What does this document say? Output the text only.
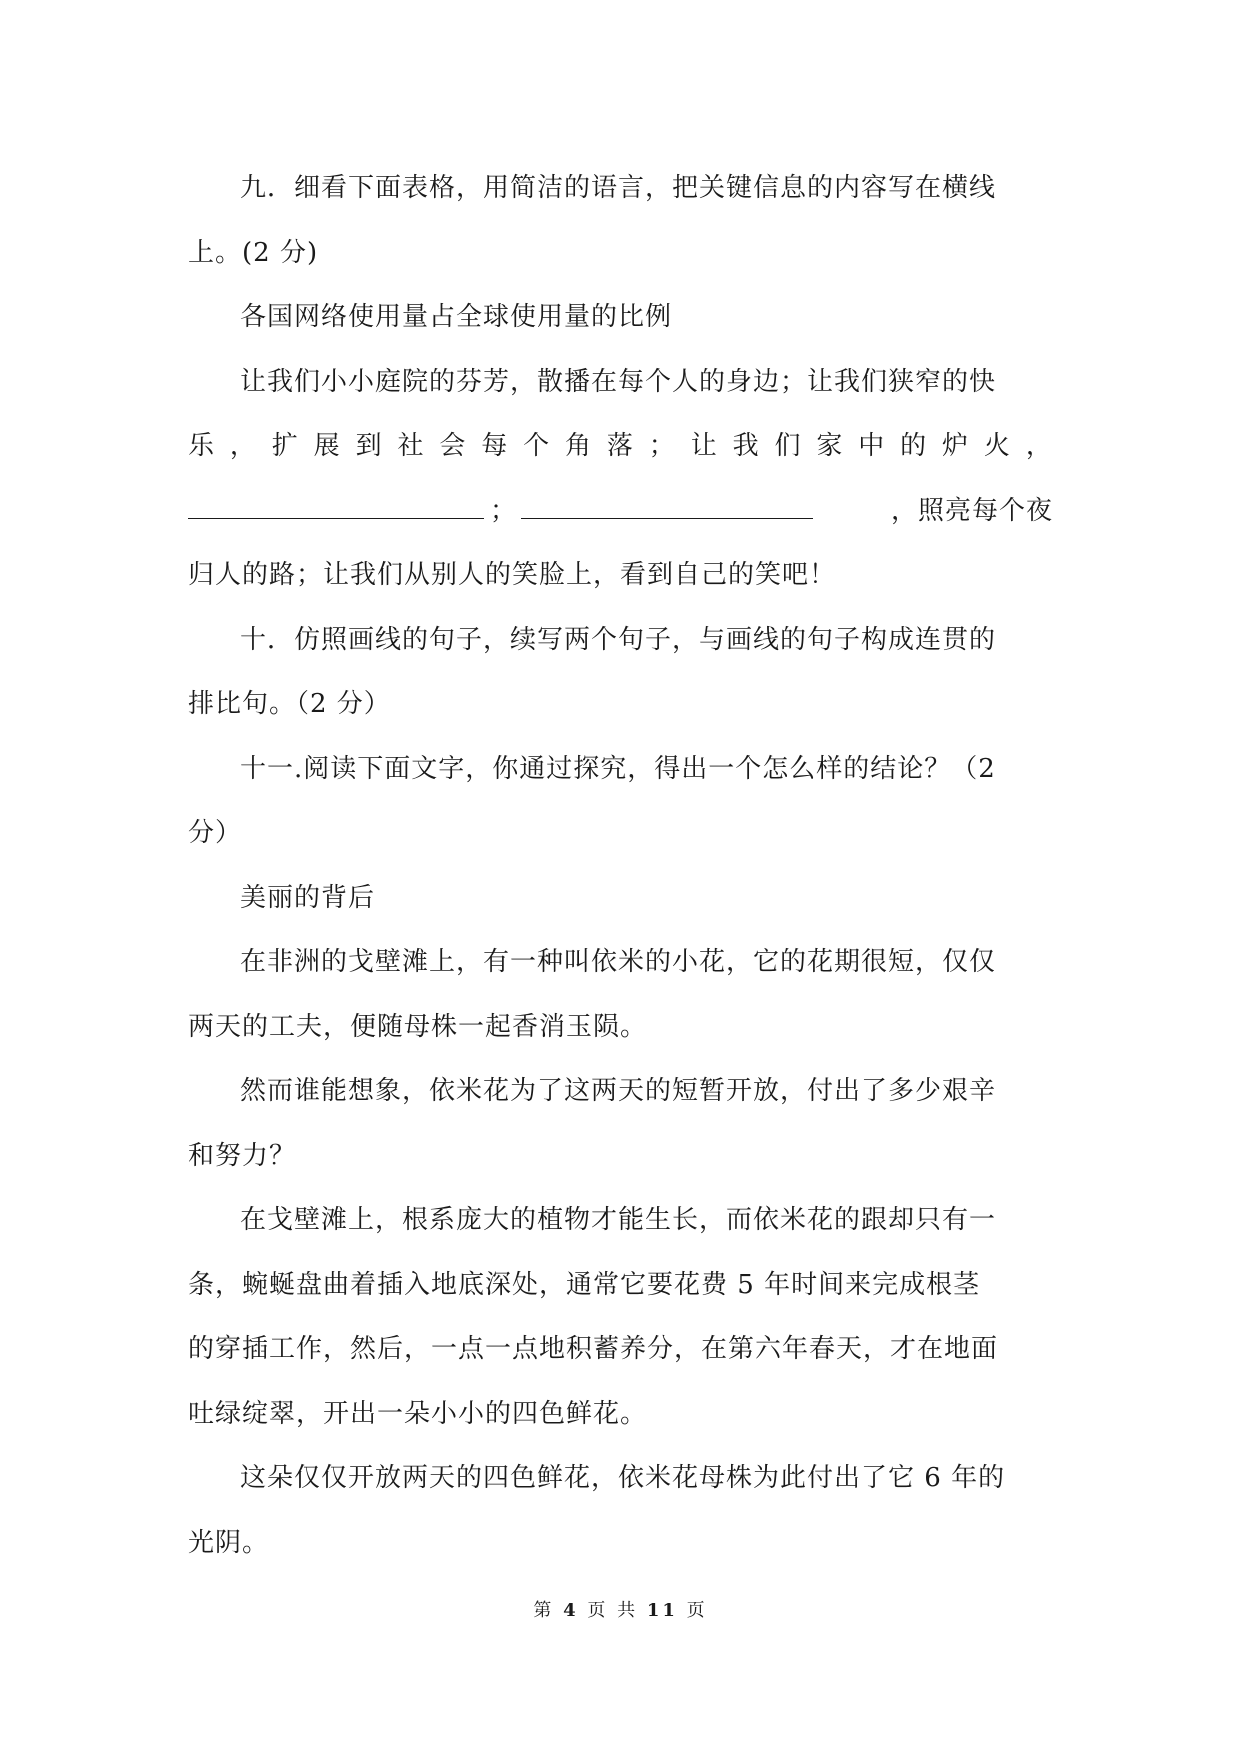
九．细看下面表格，用简洁的语言，把关键信息的内容写在横线

上。(2 分)

各国网络使用量占全球使用量的比例

让我们小小庭院的芬芳，散播在每个人的身边；让我们狭窄的快

乐 ， 扩 展 到 社 会 每 个 角 落 ； 让 我 们 家 中 的 炉 火 ，

；	，照亮每个夜

归人的路；让我们从别人的笑脸上，看到自己的笑吧！

十．仿照画线的句子，续写两个句子，与画线的句子构成连贯的

排比句。（2 分）

十一.阅读下面文字，你通过探究，得出一个怎么样的结论？（2

分）

美丽的背后

在非洲的戈壁滩上，有一种叫依米的小花，它的花期很短，仅仅

两天的工夫，便随母株一起香消玉陨。

然而谁能想象，依米花为了这两天的短暂开放，付出了多少艰辛

和努力？

在戈壁滩上，根系庞大的植物才能生长，而依米花的跟却只有一

条，蜿蜒盘曲着插入地底深处，通常它要花费 5 年时间来完成根茎

的穿插工作，然后，一点一点地积蓄养分，在第六年春天，才在地面

吐绿绽翠，开出一朵小小的四色鲜花。

这朵仅仅开放两天的四色鲜花，依米花母株为此付出了它 6 年的

光阴。

第 4 页 共 11 页
